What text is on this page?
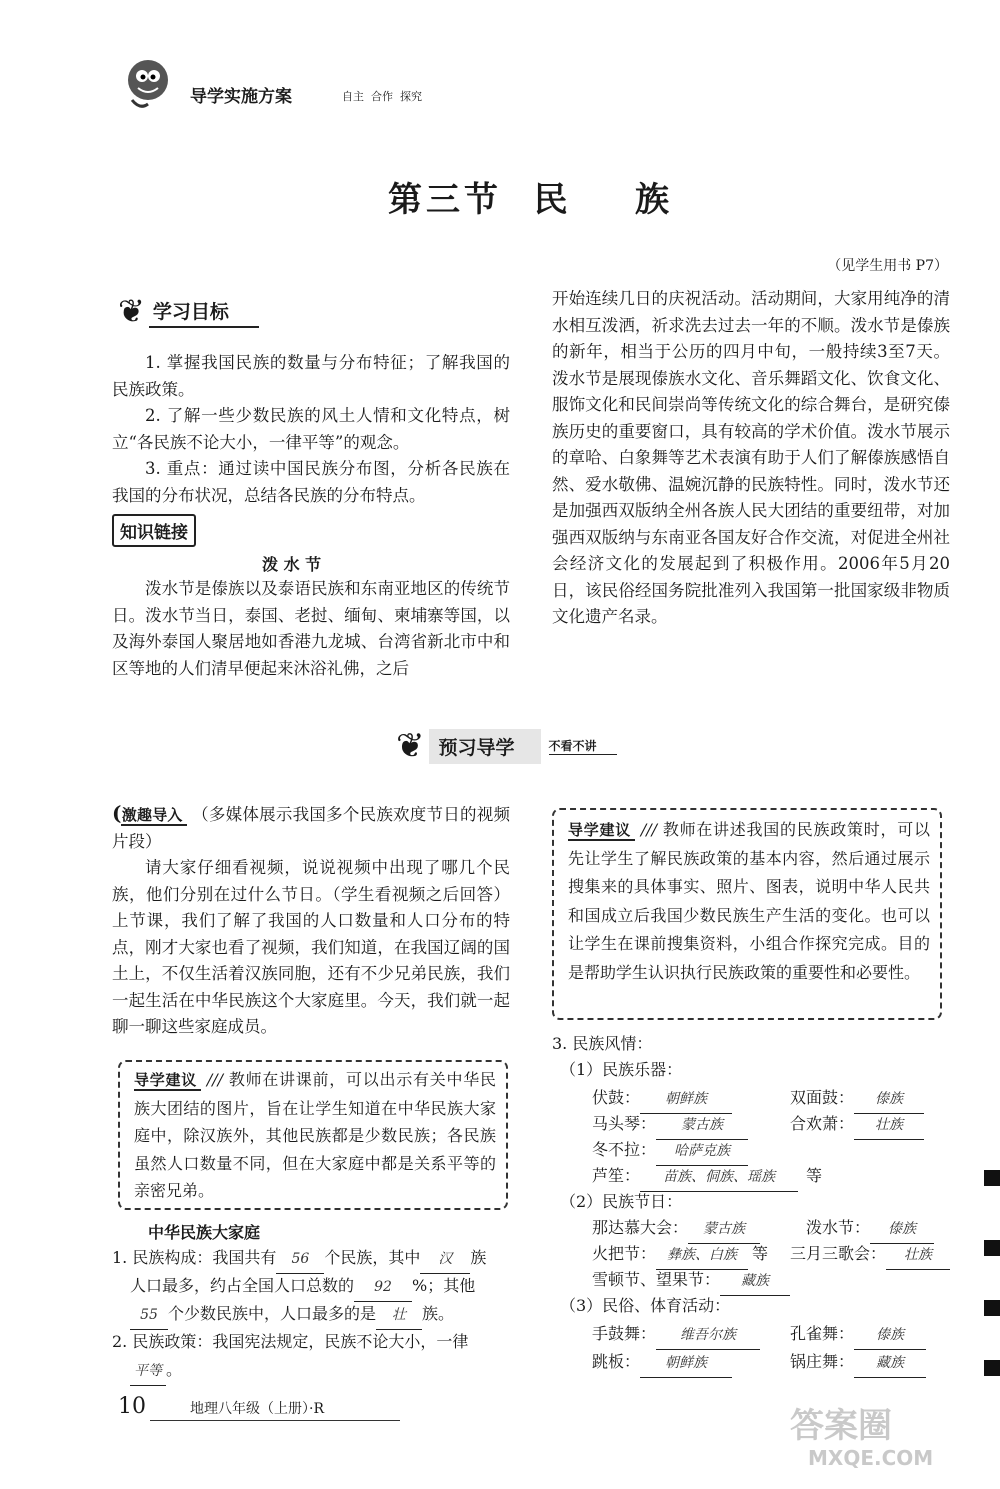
导学实施方案	自主  合作  探究
第三节  民    族
（见学生用书 P7）
❦ 学习目标
1. 掌握我国民族的数量与分布特征；了解我国的民族政策。
2. 了解一些少数民族的风土人情和文化特点，树立“各民族不论大小，一律平等”的观念。
3. 重点：通过读中国民族分布图，分析各民族在我国的分布状况，总结各民族的分布特点。
知识链接
泼 水 节
泼水节是傣族以及泰语民族和东南亚地区的传统节日。泼水节当日，泰国、老挝、缅甸、柬埔寨等国，以及海外泰国人聚居地如香港九龙城、台湾省新北市中和区等地的人们清早便起来沐浴礼佛，之后
开始连续几日的庆祝活动。活动期间，大家用纯净的清水相互泼洒，祈求洗去过去一年的不顺。泼水节是傣族的新年，相当于公历的四月中旬，一般持续3至7天。泼水节是展现傣族水文化、音乐舞蹈文化、饮食文化、服饰文化和民间崇尚等传统文化的综合舞台，是研究傣族历史的重要窗口，具有较高的学术价值。泼水节展示的章哈、白象舞等艺术表演有助于人们了解傣族感悟自然、爱水敬佛、温婉沉静的民族特性。同时，泼水节还是加强西双版纳全州各族人民大团结的重要纽带，对加强西双版纳与东南亚各国友好合作交流，对促进全州社会经济文化的发展起到了积极作用。2006年5月20日，该民俗经国务院批准列入我国第一批国家级非物质文化遗产名录。
❦ 预习导学	不看不讲
(激趣导入 （多媒体展示我国多个民族欢度节日的视频片段）
请大家仔细看视频，说说视频中出现了哪几个民族，他们分别在过什么节日。（学生看视频之后回答）上节课，我们了解了我国的人口数量和人口分布的特点，刚才大家也看了视频，我们知道，在我国辽阔的国土上，不仅生活着汉族同胞，还有不少兄弟民族，我们一起生活在中华民族这个大家庭里。今天，我们就一起聊一聊这些家庭成员。
导学建议 /// 教师在讲课前，可以出示有关中华民族大团结的图片，旨在让学生知道在中华民族大家庭中，除汉族外，其他民族都是少数民族；各民族虽然人口数量不同，但在大家庭中都是关系平等的亲密兄弟。
中华民族大家庭
1. 民族构成：我国共有 56 个民族，其中 汉 族
人口最多，约占全国人口总数的 92 %；其他
55 个少数民族中，人口最多的是 壮 族。
2. 民族政策：我国宪法规定，民族不论大小，一律
平等 。
导学建议 /// 教师在讲述我国的民族政策时，可以先让学生了解民族政策的基本内容，然后通过展示搜集来的具体事实、照片、图表，说明中华人民共和国成立后我国少数民族生产生活的变化。也可以让学生在课前搜集资料，小组合作探究完成。目的是帮助学生认识执行民族政策的重要性和必要性。
3. 民族风情：
（1）民族乐器：
伏鼓： 朝鲜族	双面鼓： 傣族
马头琴： 蒙古族	合欢萧： 壮族
冬不拉： 哈萨克族
芦笙： 苗族、侗族、瑶族 等
（2）民族节日：
那达慕大会： 蒙古族	泼水节： 傣族
火把节： 彝族、白族 等 三月三歌会： 壮族
雪顿节、望果节： 藏族
（3）民俗、体育活动：
手鼓舞： 维吾尔族	孔雀舞： 傣族
跳板： 朝鲜族	锅庄舞： 藏族
10	地理八年级（上册）·R	答案圈
MXQE.COM
